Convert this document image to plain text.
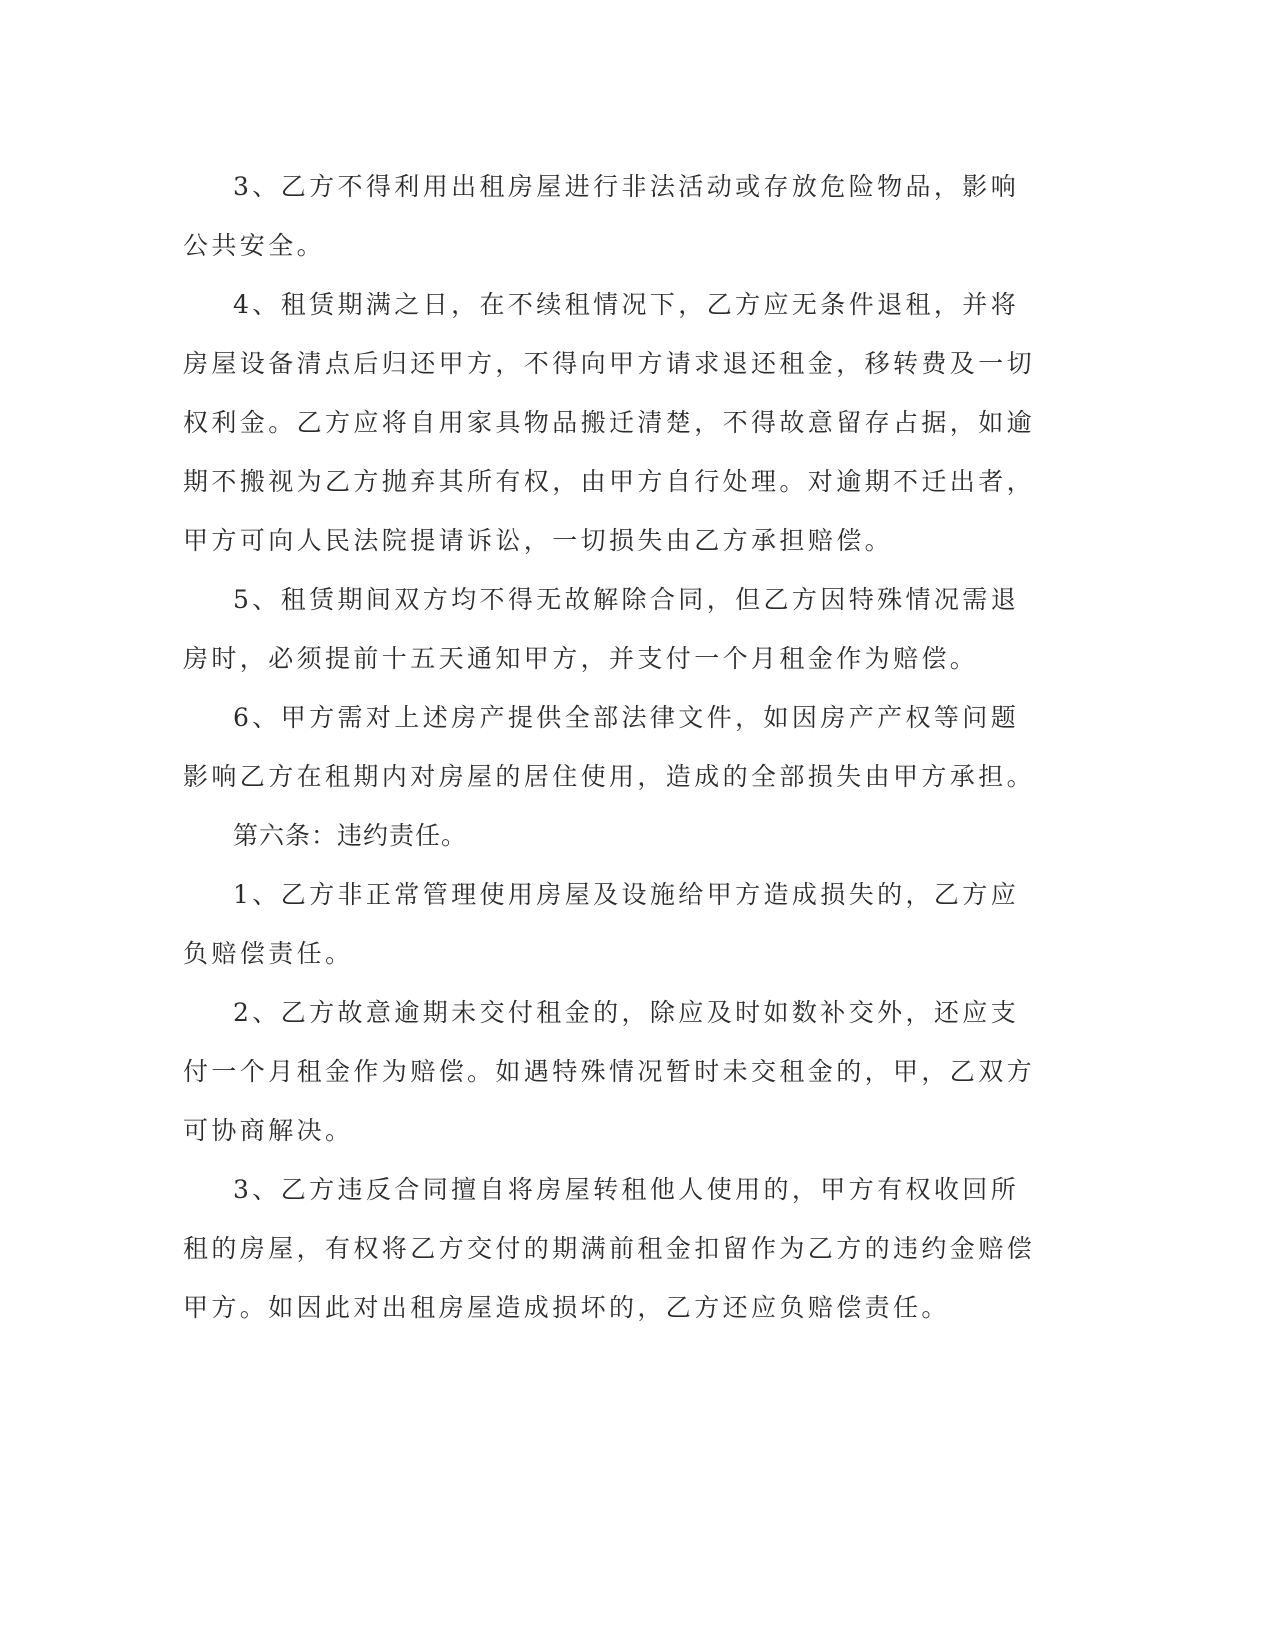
3、乙方不得利用出租房屋进行非法活动或存放危险物品，影响
公共安全。

4、租赁期满之日，在不续租情况下，乙方应无条件退租，并将
房屋设备清点后归还甲方，不得向甲方请求退还租金，移转费及一切
权利金。乙方应将自用家具物品搬迁清楚，不得故意留存占据，如逾
期不搬视为乙方抛弃其所有权，由甲方自行处理。对逾期不迁出者，
甲方可向人民法院提请诉讼，一切损失由乙方承担赔偿。

5、租赁期间双方均不得无故解除合同，但乙方因特殊情况需退
房时，必须提前十五天通知甲方，并支付一个月租金作为赔偿。

6、甲方需对上述房产提供全部法律文件，如因房产产权等问题
影响乙方在租期内对房屋的居住使用，造成的全部损失由甲方承担。

第六条：违约责任。

1、乙方非正常管理使用房屋及设施给甲方造成损失的，乙方应
负赔偿责任。

2、乙方故意逾期未交付租金的，除应及时如数补交外，还应支
付一个月租金作为赔偿。如遇特殊情况暂时未交租金的，甲，乙双方
可协商解决。

3、乙方违反合同擅自将房屋转租他人使用的，甲方有权收回所
租的房屋，有权将乙方交付的期满前租金扣留作为乙方的违约金赔偿
甲方。如因此对出租房屋造成损坏的，乙方还应负赔偿责任。
